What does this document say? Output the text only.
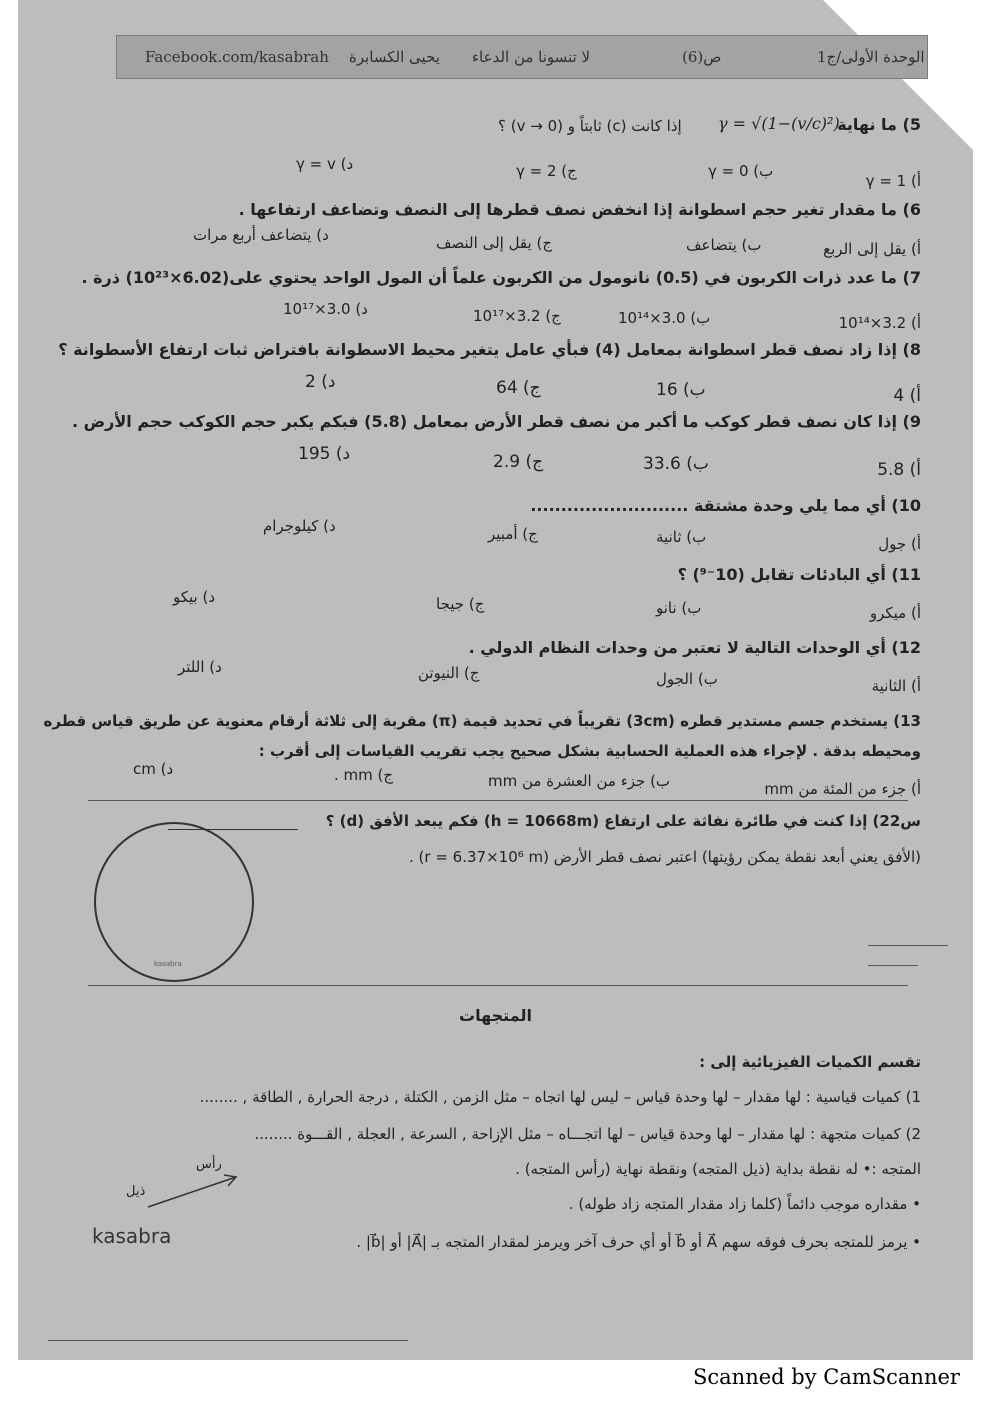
Facebook.com/kasabrah يحيى الكسابرة لا تنسونا من الدعاء	ص(6)	الوحدة الأولى/ج1
5) ما نهاية
γ = √(1−(v/c)²)
إذا كانت (c) ثابتاً و (v → 0) ؟
أ) γ = 1
ب) γ = 0
ج) γ = 2
د) γ = v
6) ما مقدار تغير حجم اسطوانة إذا انخفض نصف قطرها إلى النصف وتضاعف ارتفاعها .
أ) يقل إلى الربع
ب) يتضاعف
ج) يقل إلى النصف
د) يتضاعف أربع مرات
7) ما عدد ذرات الكربون في (0.5) نانومول من الكربون علماً أن المول الواحد يحتوي على(6.02×10²³) ذرة .
أ) 3.2×10¹⁴
ب) 3.0×10¹⁴
ج) 3.2×10¹⁷
د) 3.0×10¹⁷
8) إذا زاد نصف قطر اسطوانة بمعامل (4) فبأي عامل يتغير محيط الاسطوانة بافتراض ثبات ارتفاع الأسطوانة ؟
أ) 4
ب) 16
ج) 64
د) 2
9) إذا كان نصف قطر كوكب ما أكبر من نصف قطر الأرض بمعامل (5.8) فبكم يكبر حجم الكوكب حجم الأرض .
أ) 5.8
ب) 33.6
ج) 2.9
د) 195
10) أي مما يلي وحدة مشتقة ..........................
أ) جول
ب) ثانية
ج) أمبير
د) كيلوجرام
11) أي البادئات تقابل (10⁻⁹) ؟
أ) ميكرو
ب) نانو
ج) جيجا
د) بيكو
12) أي الوحدات التالية لا تعتبر من وحدات النظام الدولي .
أ) الثانية
ب) الجول
ج) النيوتن
د) اللتر
13) يستخدم جسم مستدير قطره (3cm) تقريباً في تحديد قيمة (π) مقربة إلى ثلاثة أرقام معنوية عن طريق قياس قطره
ومحيطه بدقة . لإجراء هذه العملية الحسابية بشكل صحيح يجب تقريب القياسات إلى أقرب :
أ) جزء من المئة من mm
ب) جزء من العشرة من mm
ج) mm .
د) cm
س22) إذا كنت في طائرة نفاثة على ارتفاع (h = 10668m) فكم يبعد الأفق (d) ؟
(الأفق يعني أبعد نقطة يمكن رؤيتها) اعتبر نصف قطر الأرض (r = 6.37×10⁶ m) .
kasabra
المتجهات
تقسم الكميات الفيزيائية إلى :
1) كميات قياسية : لها مقدار – لها وحدة قياس – ليس لها اتجاه – مثل الزمن , الكتلة , درجة الحرارة , الطاقة , ........
2) كميات متجهة : لها مقدار – لها وحدة قياس – لها اتجـــاه – مثل الإزاحة , السرعة , العجلة , القـــوة ........
المتجه :• له نقطة بداية (ذيل المتجه) ونقطة نهاية (رأس المتجه) .
• مقداره موجب دائماً (كلما زاد مقدار المتجه زاد طوله) .
• يرمز للمتجه بحرف فوقه سهم A⃗ أو b⃗ أو أي حرف آخر ويرمز لمقدار المتجه بـ |A⃗| أو |b⃗| .
رأس
ذيل
kasabra
Scanned by CamScanner
